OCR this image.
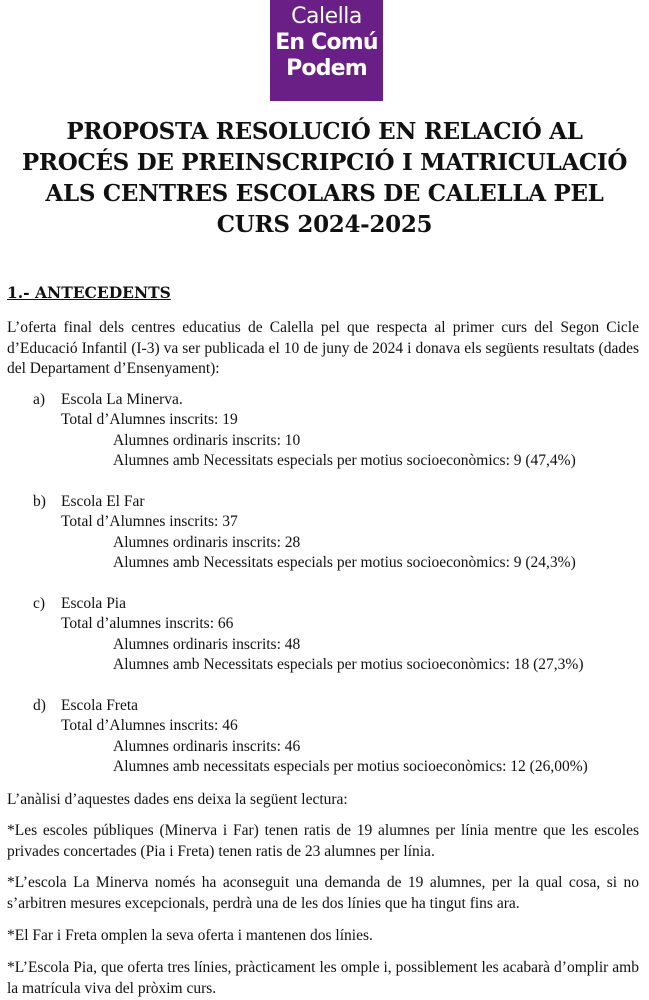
Calella
En Comú
Podem
PROPOSTA RESOLUCIÓ EN RELACIÓ AL
PROCÉS DE PREINSCRIPCIÓ I MATRICULACIÓ
ALS CENTRES ESCOLARS DE CALELLA PEL
CURS 2024-2025
1.- ANTECEDENTS

L’oferta final dels centres educatius de Calella pel que respecta al primer curs del Segon Cicle d’Educació Infantil (I-3) va ser publicada el 10 de juny de 2024 i donava els següents resultats (dades del Departament d’Ensenyament):

a) Escola La Minerva.

Total d’Alumnes inscrits: 19

Alumnes ordinaris inscrits: 10

Alumnes amb Necessitats especials per motius socioeconòmics: 9 (47,4%)

b) Escola El Far

Total d’Alumnes inscrits: 37

Alumnes ordinaris inscrits: 28

Alumnes amb Necessitats especials per motius socioeconòmics: 9 (24,3%)

c) Escola Pia

Total d’alumnes inscrits: 66

Alumnes ordinaris inscrits: 48

Alumnes amb Necessitats especials per motius socioeconòmics: 18 (27,3%)

d) Escola Freta

Total d’Alumnes inscrits: 46

Alumnes ordinaris inscrits: 46

Alumnes amb necessitats especials per motius socioeconòmics: 12 (26,00%)

L’anàlisi d’aquestes dades ens deixa la següent lectura:

*Les escoles públiques (Minerva i Far) tenen ratis de 19 alumnes per línia mentre que les escoles privades concertades (Pia i Freta) tenen ratis de 23 alumnes per línia.

*L’escola La Minerva només ha aconseguit una demanda de 19 alumnes, per la qual cosa, si no s’arbitren mesures excepcionals, perdrà una de les dos línies que ha tingut fins ara.

*El Far i Freta omplen la seva oferta i mantenen dos línies.

*L’Escola Pia, que oferta tres línies, pràcticament les omple i, possiblement les acabarà d’omplir amb la matrícula viva del pròxim curs.
